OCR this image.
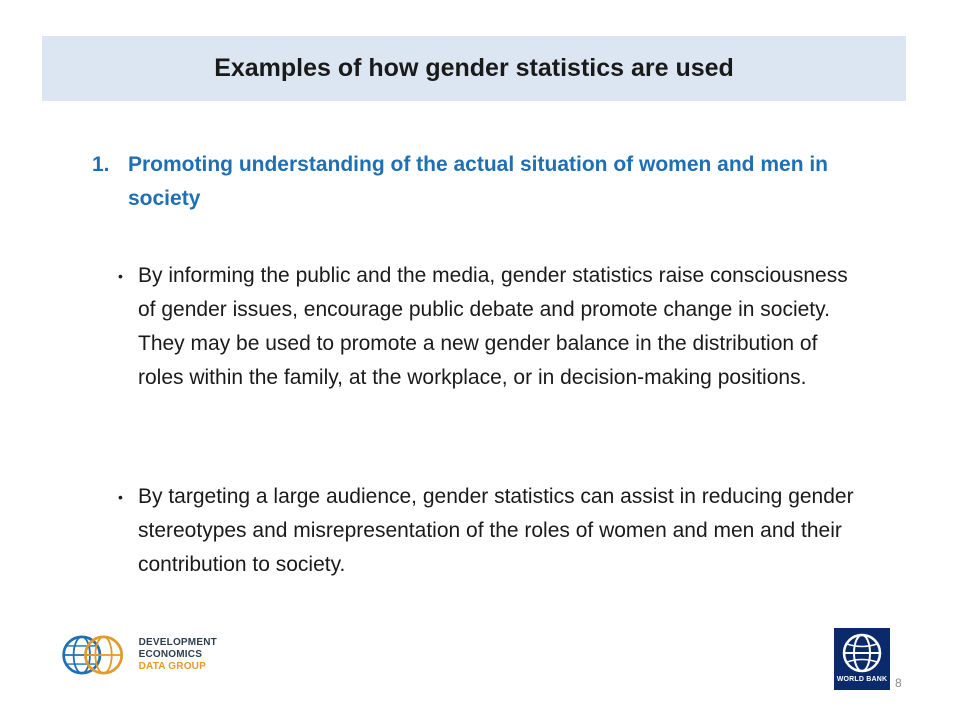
Examples of how gender statistics are used
1. Promoting understanding of the actual situation of women and men in society
• By informing the public and the media, gender statistics raise consciousness of gender issues, encourage public debate and promote change in society. They may be used to promote a new gender balance in the distribution of roles within the family, at the workplace, or in decision-making positions.
• By targeting a large audience, gender statistics can assist in reducing gender stereotypes and misrepresentation of the roles of women and men and their contribution to society.
DEVELOPMENT ECONOMICS
DATA GROUP
WORLD BANK 8
